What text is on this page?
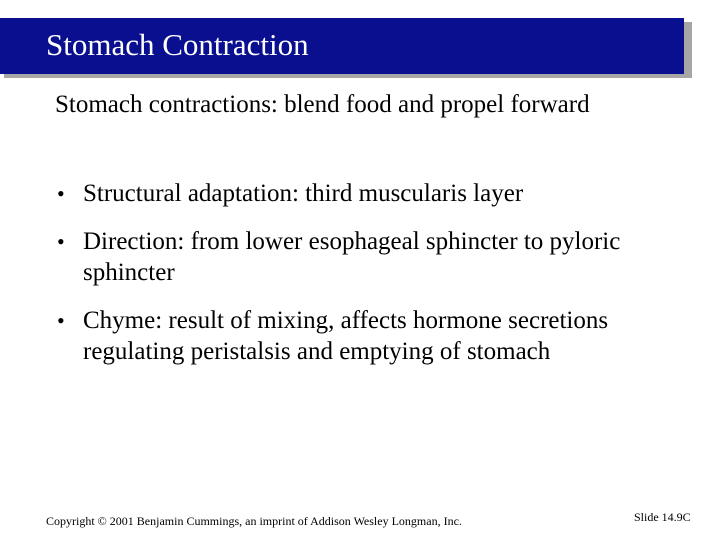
Stomach Contraction
Stomach contractions: blend food and propel forward
• Structural adaptation: third muscularis layer
• Direction: from lower esophageal sphincter to pyloric sphincter
• Chyme: result of mixing, affects hormone secretions regulating peristalsis and emptying of stomach
Copyright © 2001 Benjamin Cummings, an imprint of Addison Wesley Longman, Inc.	Slide 14.9C
